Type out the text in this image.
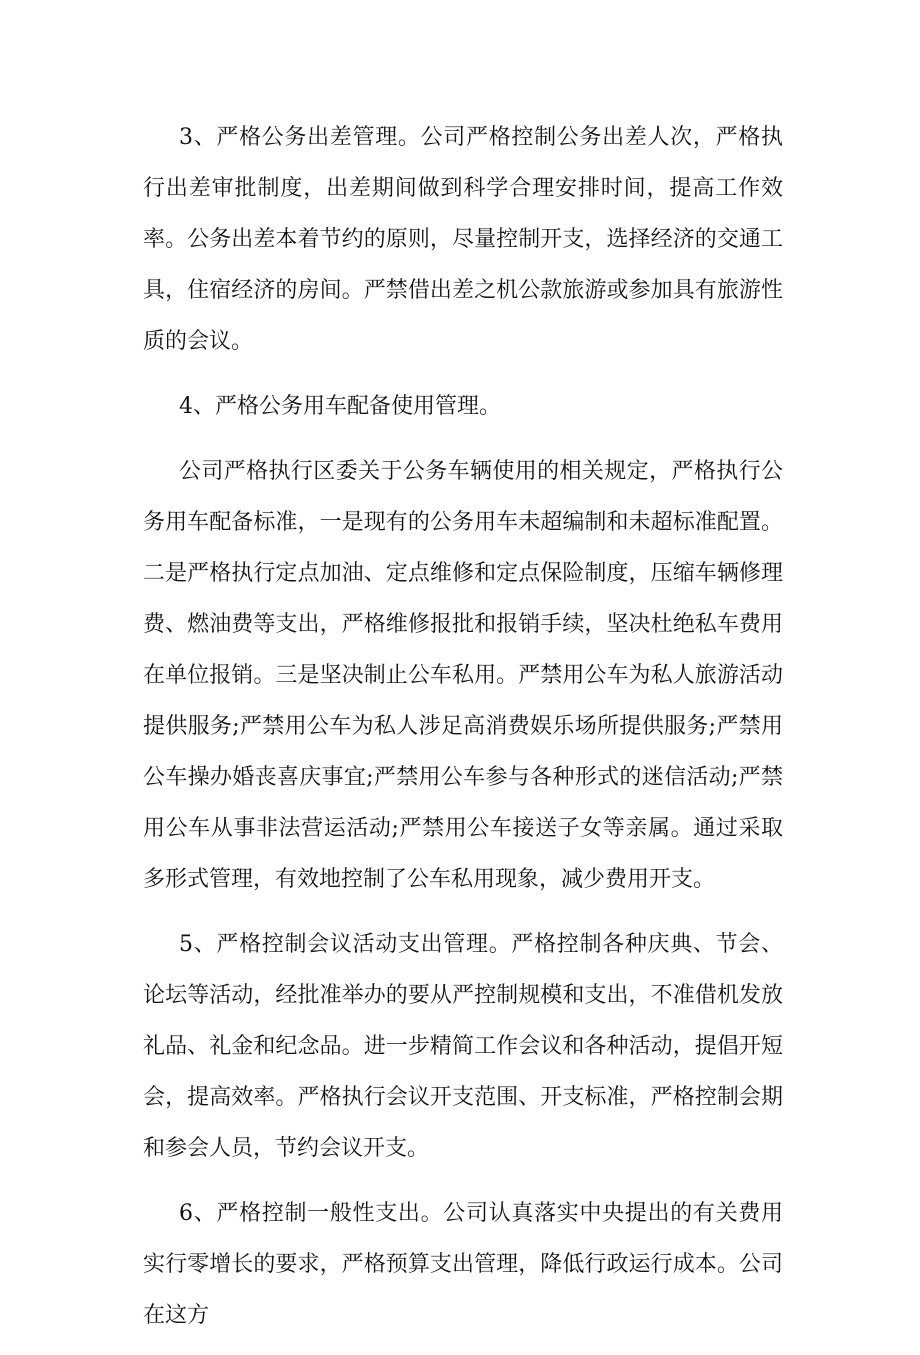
3、严格公务出差管理。公司严格控制公务出差人次，严格执行出差审批制度，出差期间做到科学合理安排时间，提高工作效率。公务出差本着节约的原则，尽量控制开支，选择经济的交通工具，住宿经济的房间。严禁借出差之机公款旅游或参加具有旅游性质的会议。

4、严格公务用车配备使用管理。

公司严格执行区委关于公务车辆使用的相关规定，严格执行公务用车配备标准，一是现有的公务用车未超编制和未超标准配置。二是严格执行定点加油、定点维修和定点保险制度，压缩车辆修理费、燃油费等支出，严格维修报批和报销手续，坚决杜绝私车费用在单位报销。三是坚决制止公车私用。严禁用公车为私人旅游活动提供服务;严禁用公车为私人涉足高消费娱乐场所提供服务;严禁用公车操办婚丧喜庆事宜;严禁用公车参与各种形式的迷信活动;严禁用公车从事非法营运活动;严禁用公车接送子女等亲属。通过采取多形式管理，有效地控制了公车私用现象，减少费用开支。

5、严格控制会议活动支出管理。严格控制各种庆典、节会、论坛等活动，经批准举办的要从严控制规模和支出，不准借机发放礼品、礼金和纪念品。进一步精简工作会议和各种活动，提倡开短会，提高效率。严格执行会议开支范围、开支标准，严格控制会期和参会人员，节约会议开支。

6、严格控制一般性支出。公司认真落实中央提出的有关费用实行零增长的要求，严格预算支出管理，降低行政运行成本。公司在这方
